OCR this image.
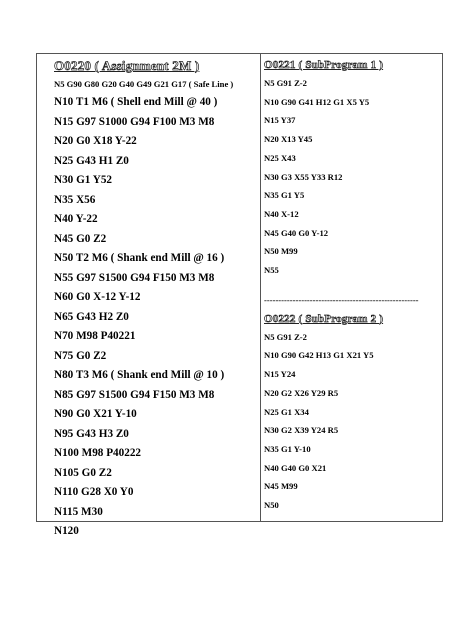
O0220 ( Assignment 2M )
N5 G90 G80 G20 G40 G49 G21 G17 ( Safe Line )
N10 T1 M6 ( Shell end Mill @ 40 )
N15 G97 S1000 G94 F100 M3 M8
N20 G0 X18 Y-22
N25 G43 H1 Z0
N30 G1 Y52
N35 X56
N40 Y-22
N45 G0 Z2
N50 T2 M6 ( Shank end Mill @ 16 )
N55 G97 S1500 G94 F150 M3 M8
N60 G0 X-12 Y-12
N65 G43 H2 Z0
N70 M98 P40221
N75 G0 Z2
N80 T3 M6 ( Shank end Mill @ 10 )
N85 G97 S1500 G94 F150 M3 M8
N90 G0 X21 Y-10
N95 G43 H3 Z0
N100 M98 P40222
N105 G0 Z2
N110 G28 X0 Y0
N115 M30
N120
O0221 ( SubProgram 1 )
N5 G91 Z-2
N10 G90 G41 H12 G1 X5 Y5
N15 Y37
N20 X13 Y45
N25 X43
N30 G3 X55 Y33 R12
N35 G1 Y5
N40 X-12
N45 G40 G0 Y-12
N50 M99
N55
------------------------------------------------------
O0222 ( SubProgram 2 )
N5 G91 Z-2
N10 G90 G42 H13 G1 X21 Y5
N15 Y24
N20 G2 X26 Y29 R5
N25 G1 X34
N30 G2 X39 Y24 R5
N35 G1 Y-10
N40 G40 G0 X21
N45 M99
N50
